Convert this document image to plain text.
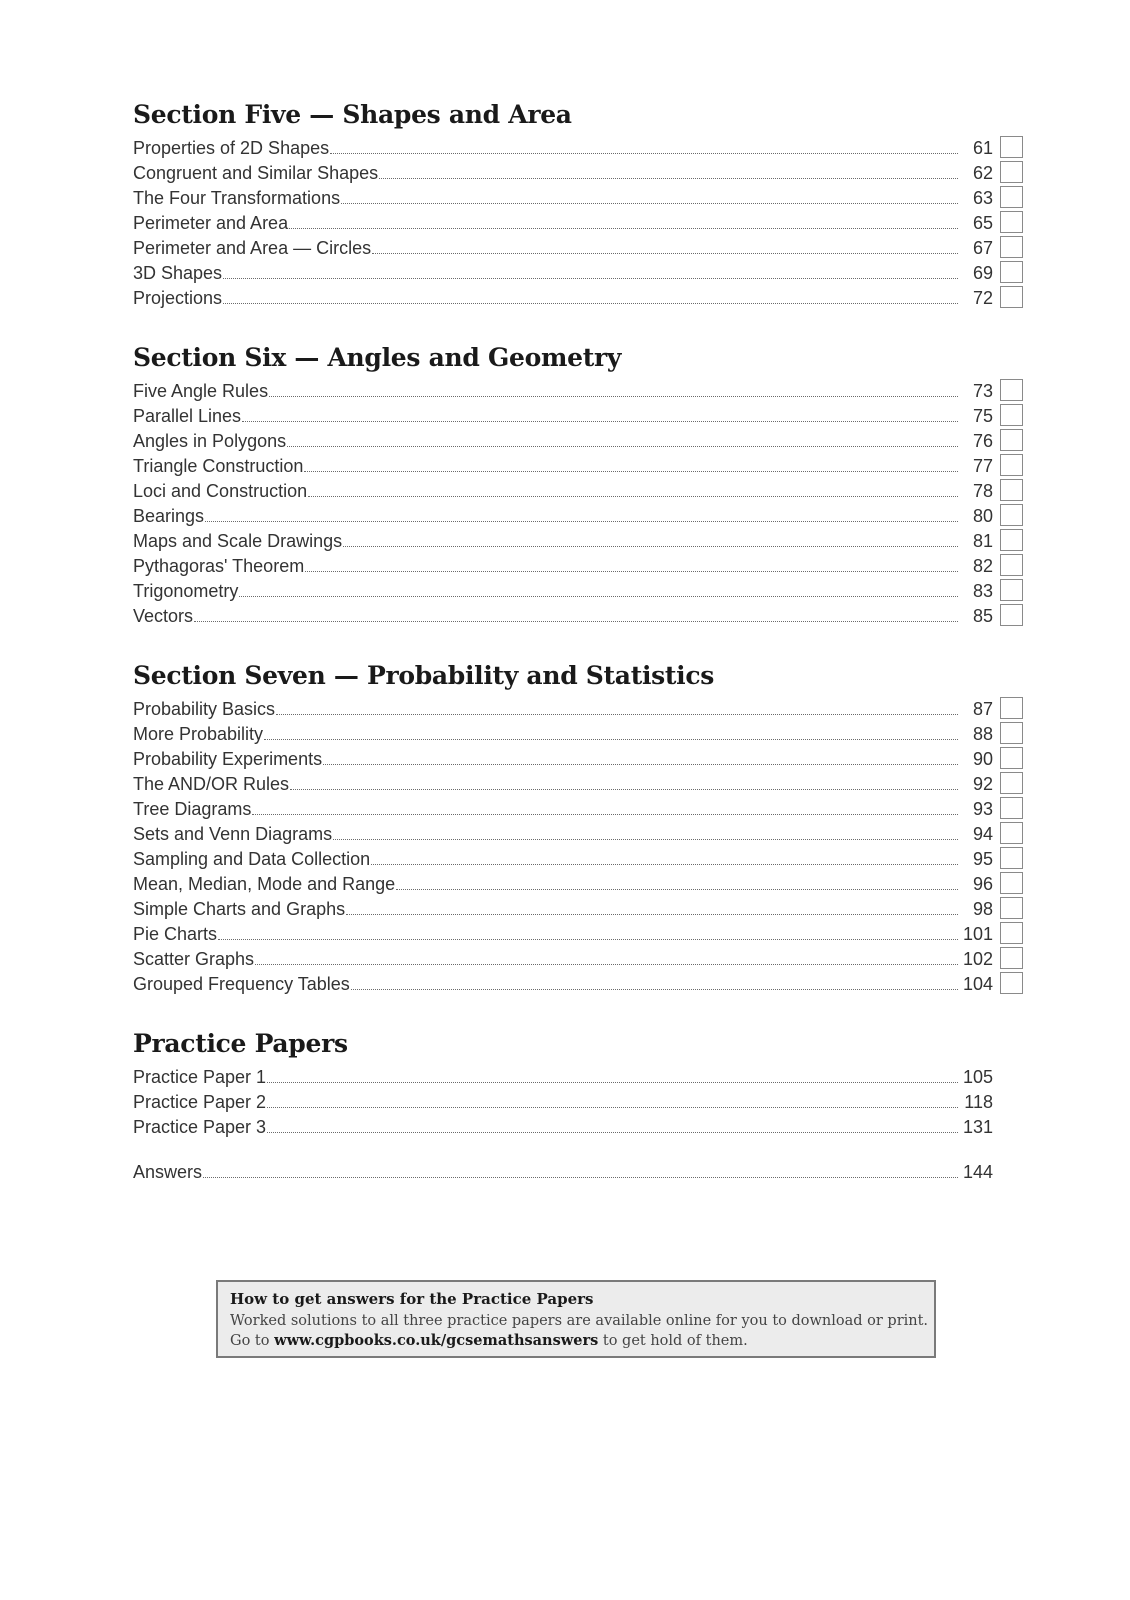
Section Five — Shapes and Area
Properties of 2D Shapes	61
Congruent and Similar Shapes	62
The Four Transformations	63
Perimeter and Area	65
Perimeter and Area — Circles	67
3D Shapes	69
Projections	72
Section Six — Angles and Geometry
Five Angle Rules	73
Parallel Lines	75
Angles in Polygons	76
Triangle Construction	77
Loci and Construction	78
Bearings	80
Maps and Scale Drawings	81
Pythagoras' Theorem	82
Trigonometry	83
Vectors	85
Section Seven — Probability and Statistics
Probability Basics	87
More Probability	88
Probability Experiments	90
The AND/OR Rules	92
Tree Diagrams	93
Sets and Venn Diagrams	94
Sampling and Data Collection	95
Mean, Median, Mode and Range	96
Simple Charts and Graphs	98
Pie Charts	101
Scatter Graphs	102
Grouped Frequency Tables	104
Practice Papers
Practice Paper 1	105
Practice Paper 2	118
Practice Paper 3	131
Answers	144

How to get answers for the Practice Papers

Worked solutions to all three practice papers are available online for you to download or print.

Go to www.cgpbooks.co.uk/gcsemathsanswers to get hold of them.
